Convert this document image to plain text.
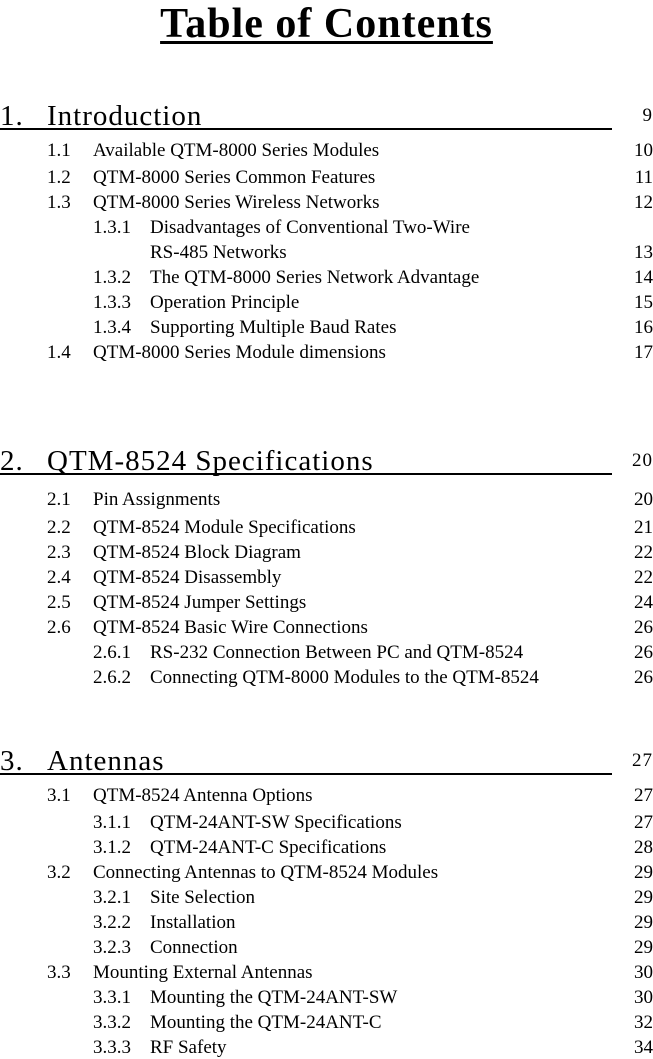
Table of Contents
1. Introduction	9
1.1 Available QTM-8000 Series Modules	10
1.2 QTM-8000 Series Common Features	11
1.3 QTM-8000 Series Wireless Networks	12
1.3.1 Disadvantages of Conventional Two-Wire
RS-485 Networks	13
1.3.2 The QTM-8000 Series Network Advantage	14
1.3.3 Operation Principle	15
1.3.4 Supporting Multiple Baud Rates	16
1.4 QTM-8000 Series Module dimensions	17
2. QTM-8524 Specifications	20
2.1 Pin Assignments	20
2.2 QTM-8524 Module Specifications	21
2.3 QTM-8524 Block Diagram	22
2.4 QTM-8524 Disassembly	22
2.5 QTM-8524 Jumper Settings	24
2.6 QTM-8524 Basic Wire Connections	26
2.6.1 RS-232 Connection Between PC and QTM-8524	26
2.6.2 Connecting QTM-8000 Modules to the QTM-8524	26
3. Antennas	27
3.1 QTM-8524 Antenna Options	27
3.1.1 QTM-24ANT-SW Specifications	27
3.1.2 QTM-24ANT-C Specifications	28
3.2 Connecting Antennas to QTM-8524 Modules	29
3.2.1 Site Selection	29
3.2.2 Installation	29
3.2.3 Connection	29
3.3 Mounting External Antennas	30
3.3.1 Mounting the QTM-24ANT-SW	30
3.3.2 Mounting the QTM-24ANT-C	32
3.3.3 RF Safety	34
